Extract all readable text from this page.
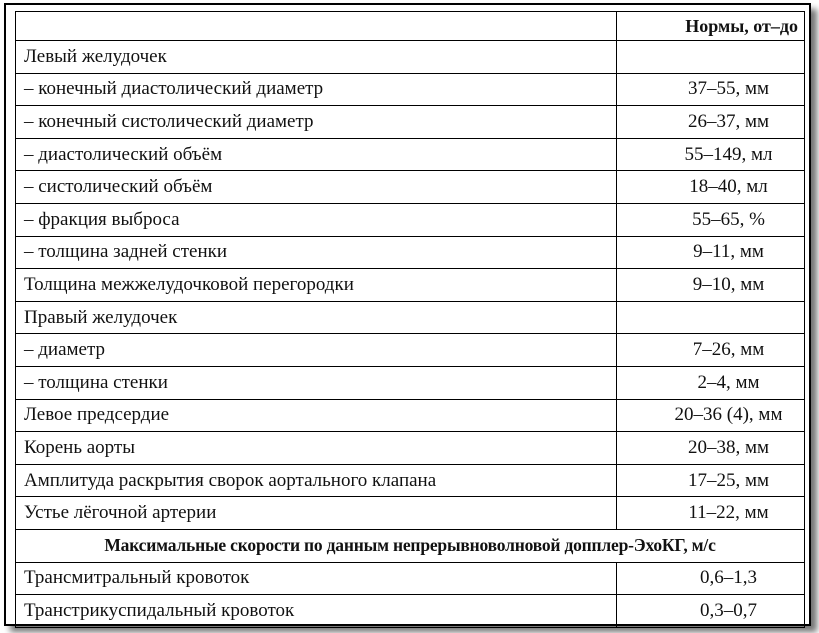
	Нормы, от–до
Левый желудочек	
– конечный диастолический диаметр	37–55, мм
– конечный систолический диаметр	26–37, мм
– диастолический объём	55–149, мл
– систолический объём	18–40, мл
– фракция выброса	55–65, %
– толщина задней стенки	9–11, мм
Толщина межжелудочковой перегородки	9–10, мм
Правый желудочек	
– диаметр	7–26, мм
– толщина стенки	2–4, мм
Левое предсердие	20–36 (4), мм
Корень аорты	20–38, мм
Амплитуда раскрытия сворок аортального клапана	17–25, мм
Устье лёгочной артерии	11–22, мм
Максимальные скорости по данным непрерывноволновой допплер-ЭхоКГ, м/с	
Трансмитральный кровоток	0,6–1,3
Транстрикуспидальный кровоток	0,3–0,7
